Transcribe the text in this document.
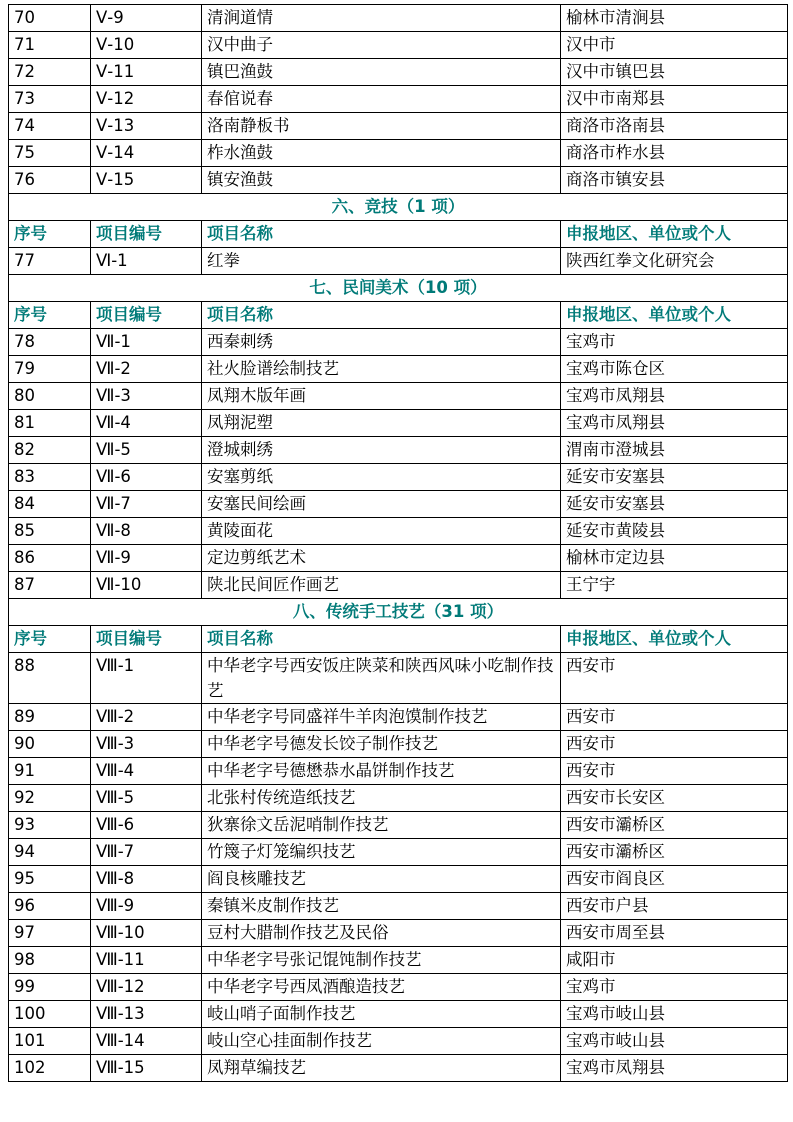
70	Ⅴ-9	清涧道情	榆林市清涧县
71	Ⅴ-10	汉中曲子	汉中市
72	Ⅴ-11	镇巴渔鼓	汉中市镇巴县
73	Ⅴ-12	春倌说春	汉中市南郑县
74	Ⅴ-13	洛南静板书	商洛市洛南县
75	Ⅴ-14	柞水渔鼓	商洛市柞水县
76	Ⅴ-15	镇安渔鼓	商洛市镇安县
六、竞技（1 项）			
序号	项目编号	项目名称	申报地区、单位或个人
77	Ⅵ-1	红拳	陕西红拳文化研究会
七、民间美术（10 项）			
序号	项目编号	项目名称	申报地区、单位或个人
78	Ⅶ-1	西秦刺绣	宝鸡市
79	Ⅶ-2	社火脸谱绘制技艺	宝鸡市陈仓区
80	Ⅶ-3	凤翔木版年画	宝鸡市凤翔县
81	Ⅶ-4	凤翔泥塑	宝鸡市凤翔县
82	Ⅶ-5	澄城刺绣	渭南市澄城县
83	Ⅶ-6	安塞剪纸	延安市安塞县
84	Ⅶ-7	安塞民间绘画	延安市安塞县
85	Ⅶ-8	黄陵面花	延安市黄陵县
86	Ⅶ-9	定边剪纸艺术	榆林市定边县
87	Ⅶ-10	陕北民间匠作画艺	王宁宇
八、传统手工技艺（31 项）			
序号	项目编号	项目名称	申报地区、单位或个人
88	Ⅷ-1	中华老字号西安饭庄陕菜和陕西风味小吃制作技艺	西安市
89	Ⅷ-2	中华老字号同盛祥牛羊肉泡馍制作技艺	西安市
90	Ⅷ-3	中华老字号德发长饺子制作技艺	西安市
91	Ⅷ-4	中华老字号德懋恭水晶饼制作技艺	西安市
92	Ⅷ-5	北张村传统造纸技艺	西安市长安区
93	Ⅷ-6	狄寨徐文岳泥哨制作技艺	西安市灞桥区
94	Ⅷ-7	竹篾子灯笼编织技艺	西安市灞桥区
95	Ⅷ-8	阎良核雕技艺	西安市阎良区
96	Ⅷ-9	秦镇米皮制作技艺	西安市户县
97	Ⅷ-10	豆村大腊制作技艺及民俗	西安市周至县
98	Ⅷ-11	中华老字号张记馄饨制作技艺	咸阳市
99	Ⅷ-12	中华老字号西凤酒酿造技艺	宝鸡市
100	Ⅷ-13	岐山哨子面制作技艺	宝鸡市岐山县
101	Ⅷ-14	岐山空心挂面制作技艺	宝鸡市岐山县
102	Ⅷ-15	凤翔草编技艺	宝鸡市凤翔县
